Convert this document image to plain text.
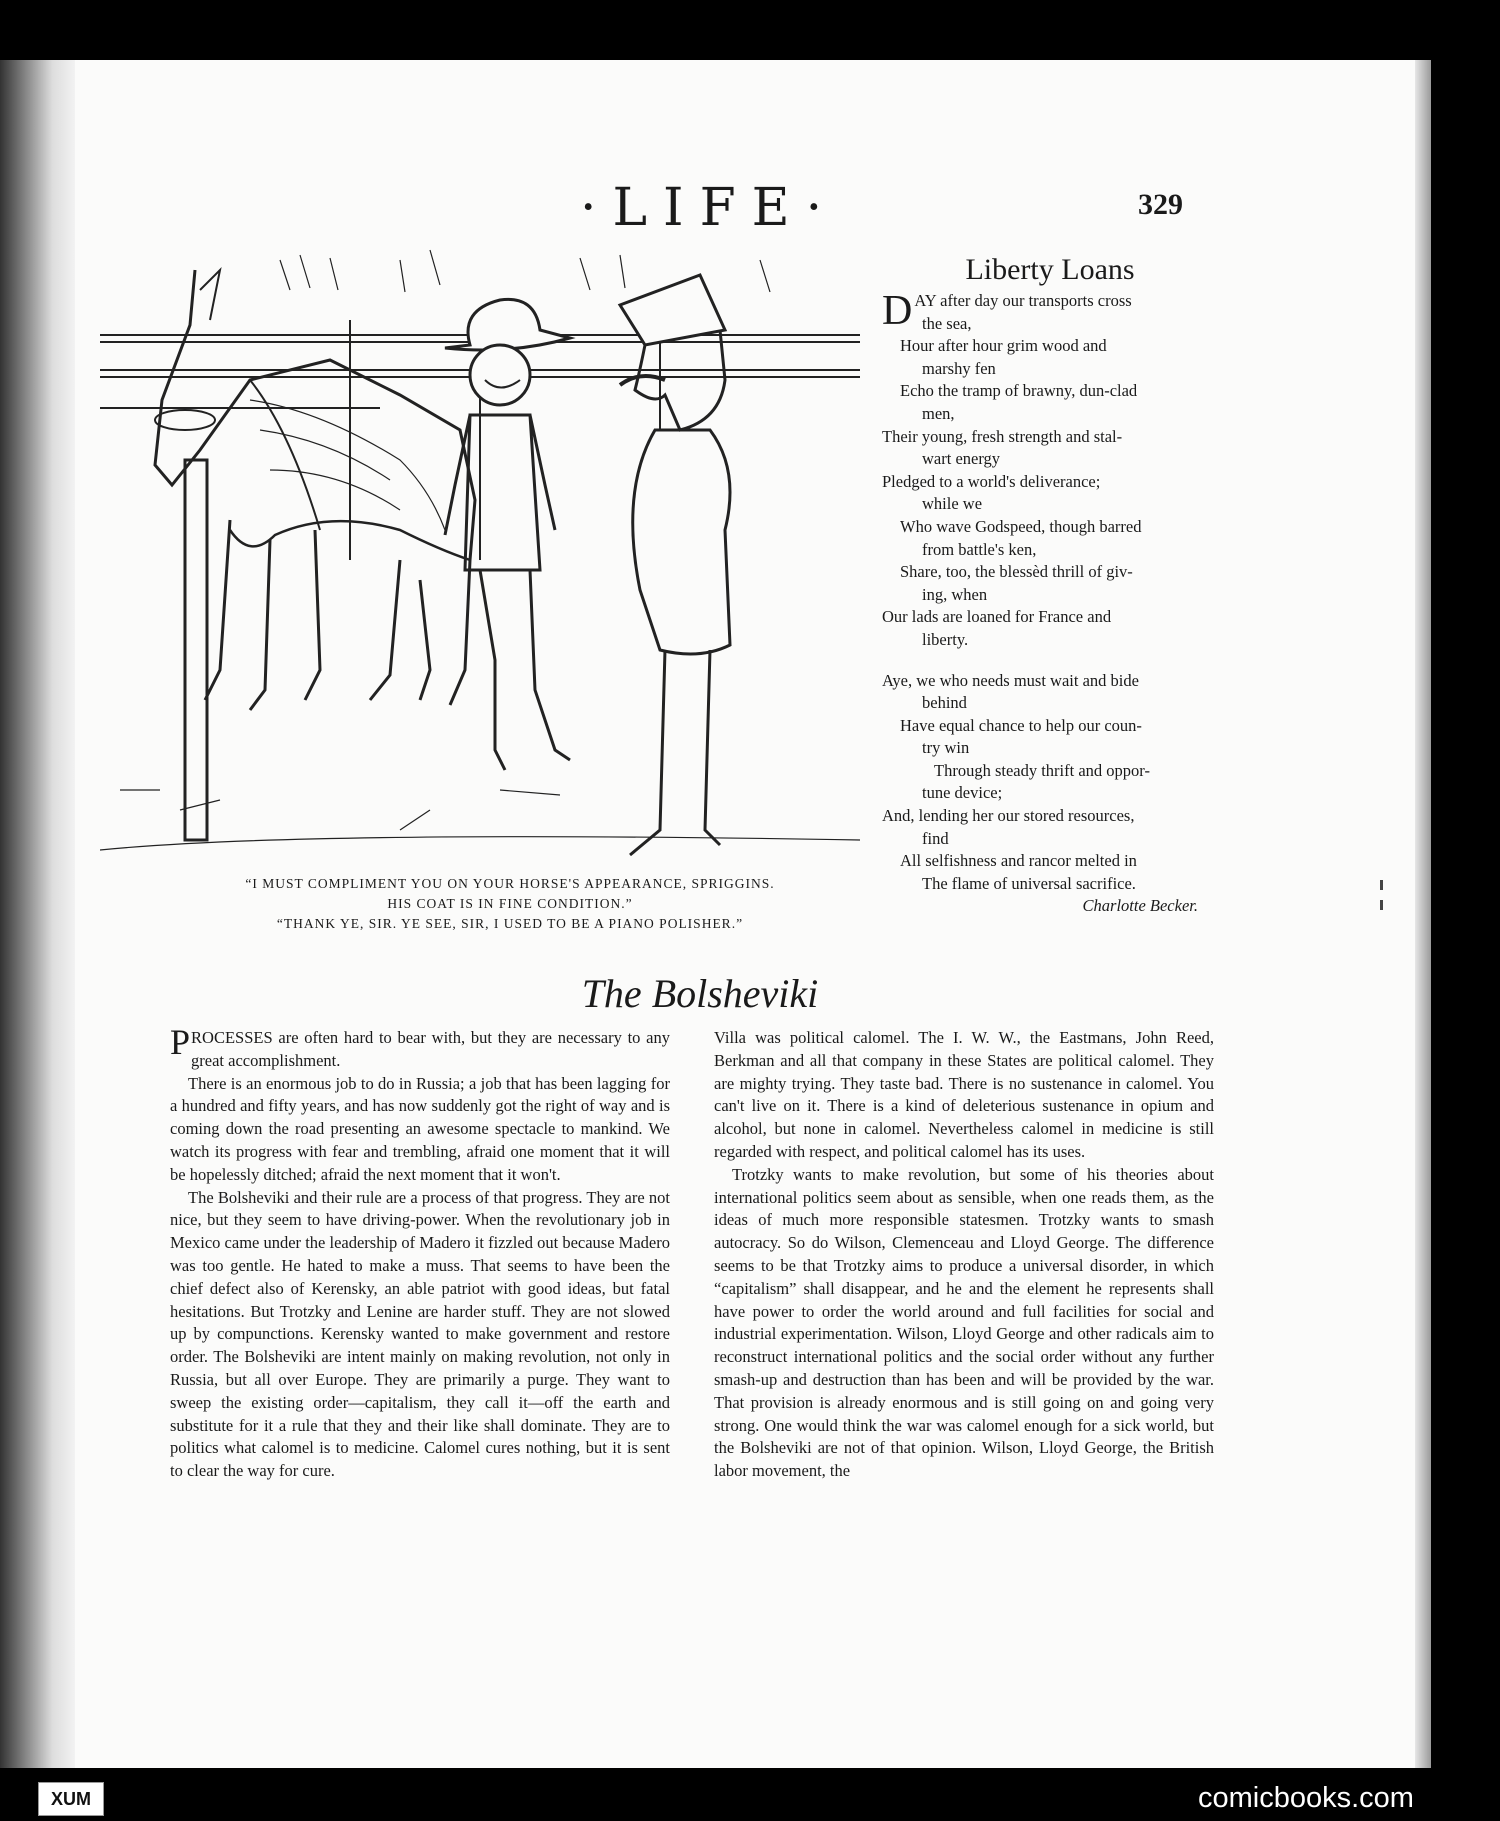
·LIFE·	329
“I MUST COMPLIMENT YOU ON YOUR HORSE'S APPEARANCE, SPRIGGINS.
HIS COAT IS IN FINE CONDITION.”
“THANK YE, SIR. YE SEE, SIR, I USED TO BE A PIANO POLISHER.”
Liberty Loans
DAY after day our transports cross
the sea,
Hour after hour grim wood and
marshy fen
Echo the tramp of brawny, dun-clad
men,
Their young, fresh strength and stal-
wart energy
Pledged to a world's deliverance;
while we
Who wave Godspeed, though barred
from battle's ken,
Share, too, the blessèd thrill of giv-
ing, when
Our lads are loaned for France and
liberty.
Aye, we who needs must wait and bide
behind
Have equal chance to help our coun-
try win
Through steady thrift and oppor-
tune device;
And, lending her our stored resources,
find
All selfishness and rancor melted in
The flame of universal sacrifice.
Charlotte Becker.
The Bolsheviki

PROCESSES are often hard to bear with, but they are necessary to any great accomplishment.

There is an enormous job to do in Russia; a job that has been lagging for a hundred and fifty years, and has now suddenly got the right of way and is coming down the road presenting an awesome spectacle to mankind. We watch its progress with fear and trembling, afraid one moment that it will be hopelessly ditched; afraid the next moment that it won't.

The Bolsheviki and their rule are a process of that progress. They are not nice, but they seem to have driving-power. When the revolutionary job in Mexico came under the leadership of Madero it fizzled out because Madero was too gentle. He hated to make a muss. That seems to have been the chief defect also of Kerensky, an able patriot with good ideas, but fatal hesitations. But Trotzky and Lenine are harder stuff. They are not slowed up by compunctions. Kerensky wanted to make government and restore order. The Bolsheviki are intent mainly on making revolution, not only in Russia, but all over Europe. They are primarily a purge. They want to sweep the existing order—capitalism, they call it—off the earth and substitute for it a rule that they and their like shall dominate. They are to politics what calomel is to medicine. Calomel cures nothing, but it is sent to clear the way for cure.

Villa was political calomel. The I. W. W., the Eastmans, John Reed, Berkman and all that company in these States are political calomel. They are mighty trying. They taste bad. There is no sustenance in calomel. You can't live on it. There is a kind of deleterious sustenance in opium and alcohol, but none in calomel. Nevertheless calomel in medicine is still regarded with respect, and political calomel has its uses.

Trotzky wants to make revolution, but some of his theories about international politics seem about as sensible, when one reads them, as the ideas of much more responsible statesmen. Trotzky wants to smash autocracy. So do Wilson, Clemenceau and Lloyd George. The difference seems to be that Trotzky aims to produce a universal disorder, in which “capitalism” shall disappear, and he and the element he represents shall have power to order the world around and full facilities for social and industrial experimentation. Wilson, Lloyd George and other radicals aim to reconstruct international politics and the social order without any further smash-up and destruction than has been and will be provided by the war. That provision is already enormous and is still going on and going very strong. One would think the war was calomel enough for a sick world, but the Bolsheviki are not of that opinion. Wilson, Lloyd George, the British labor movement, the

XUM	comicbooks.com
